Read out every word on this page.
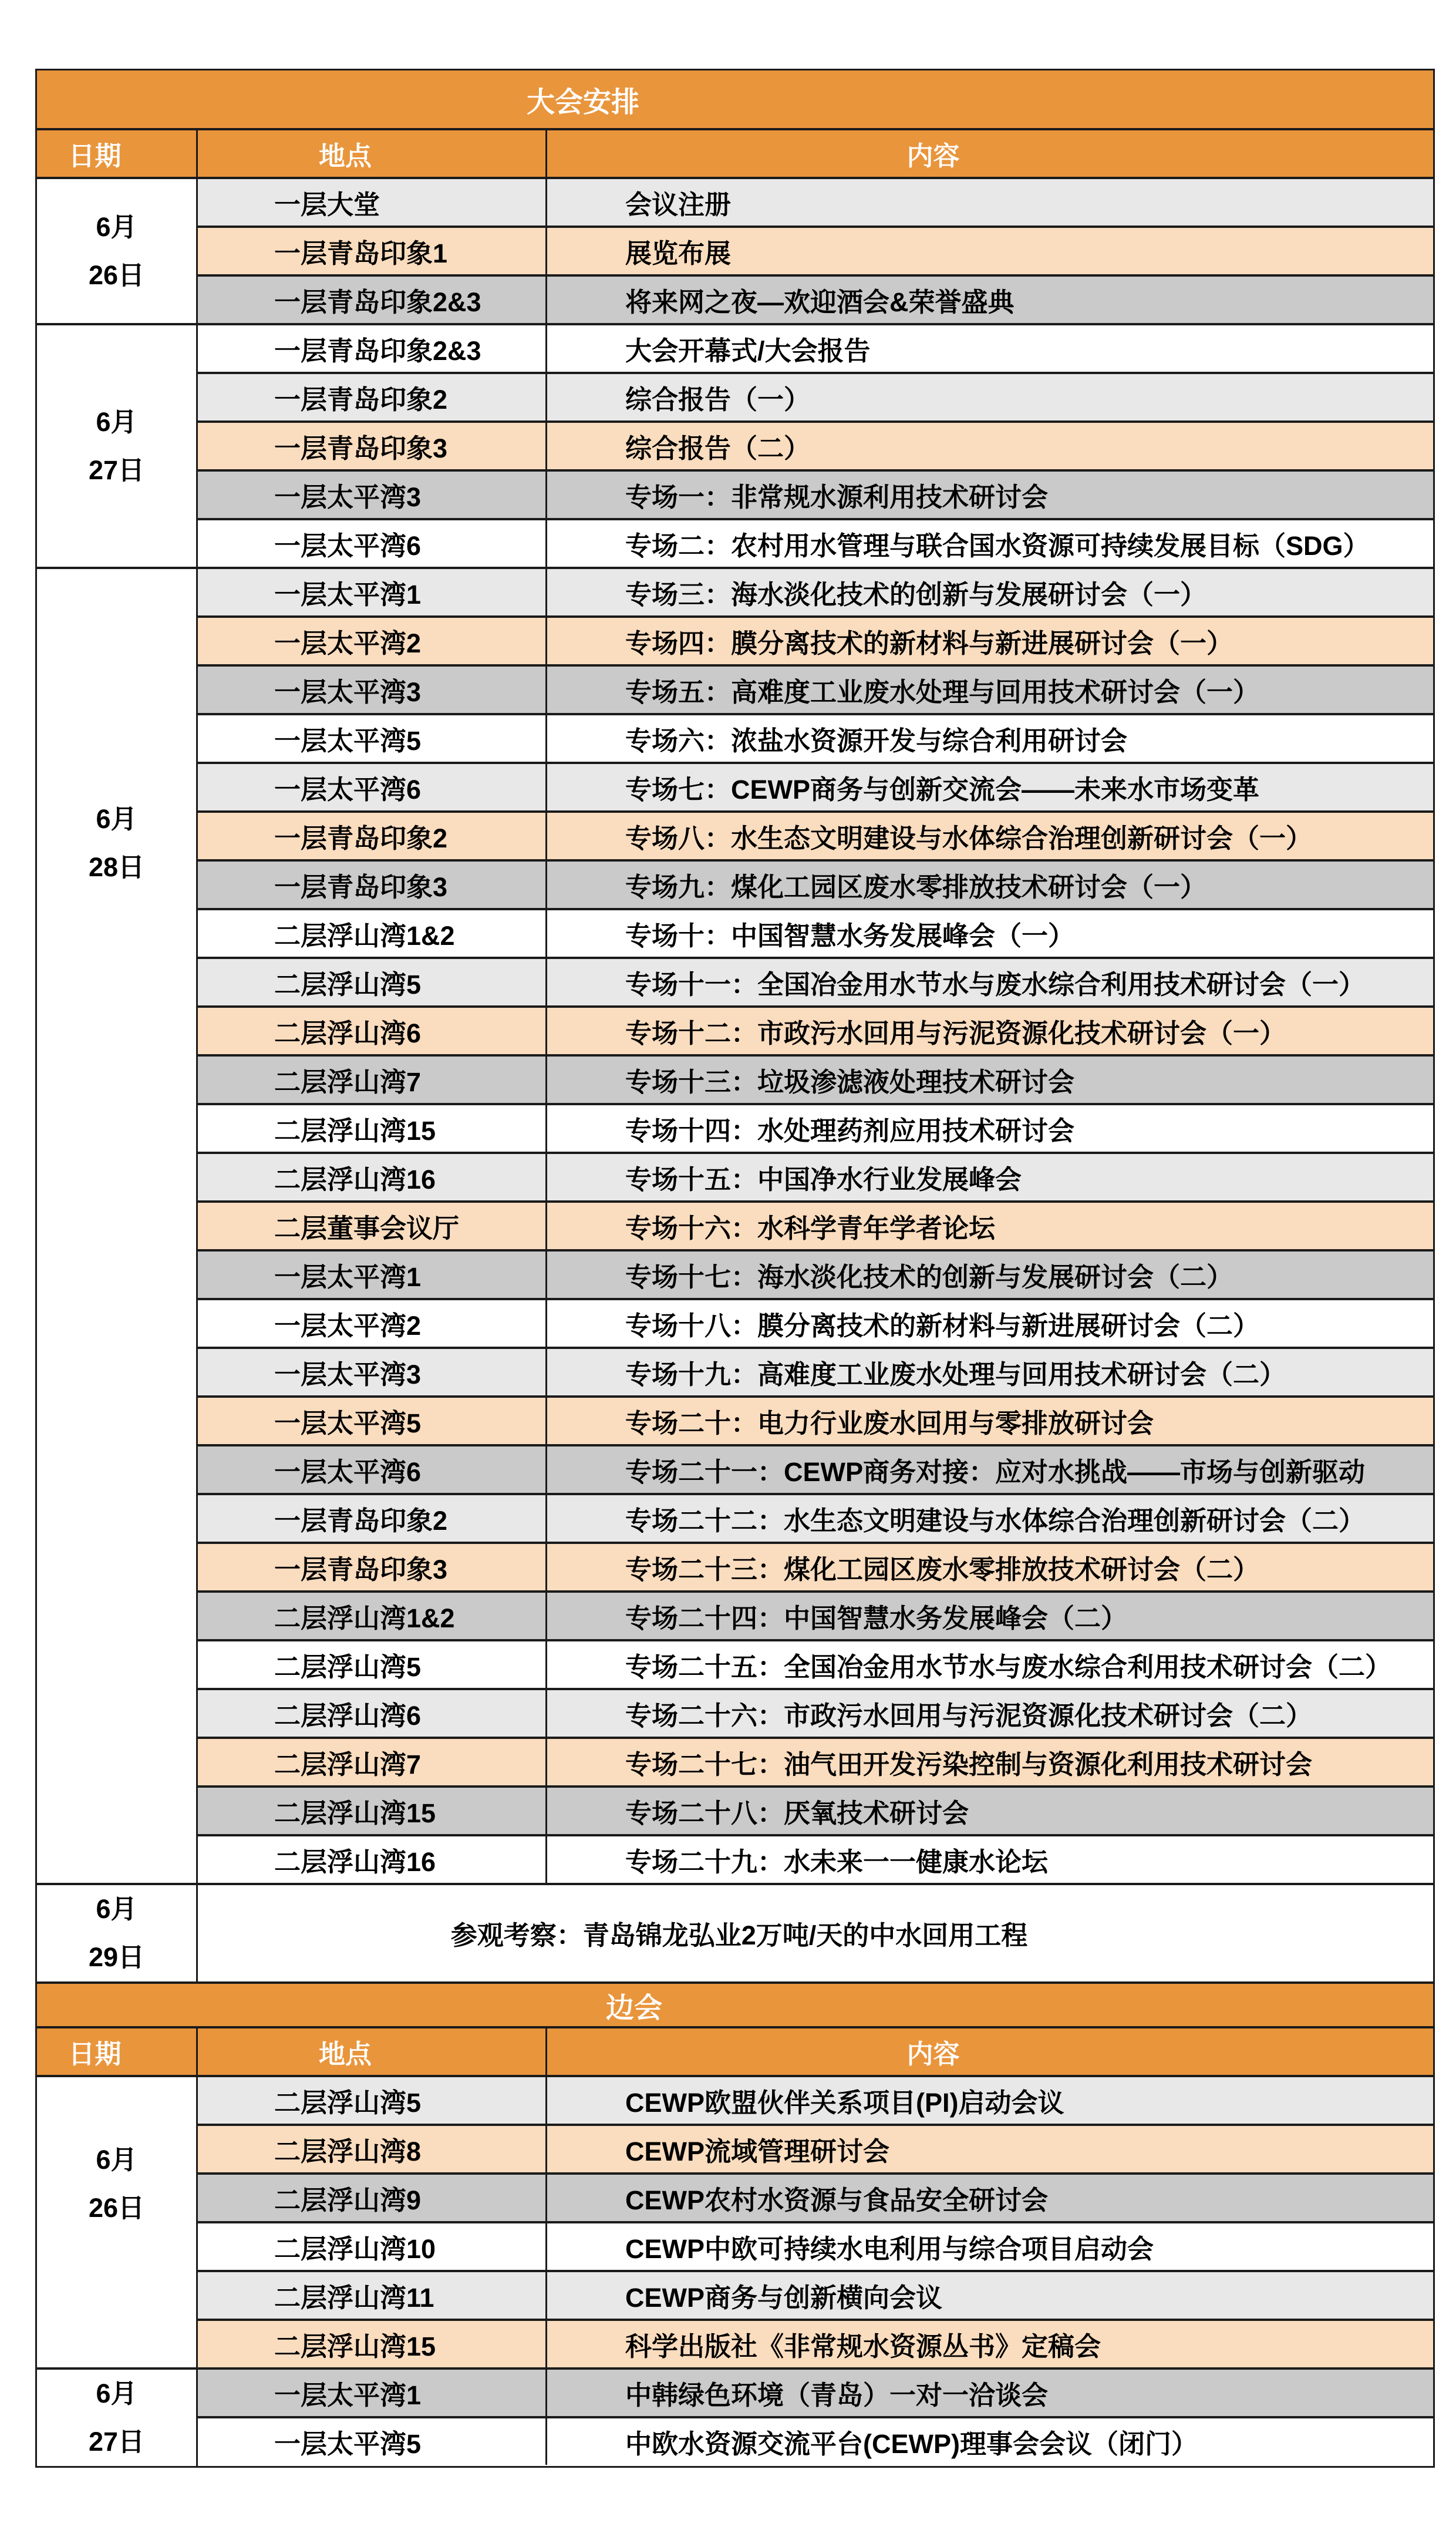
大会安排
日期	地点	内容
6月
26日
一层大堂	会议注册
一层青岛印象1	展览布展
一层青岛印象2&3	将来网之夜—欢迎酒会&荣誉盛典
6月
27日
一层青岛印象2&3	大会开幕式/大会报告
一层青岛印象2	综合报告（一）
一层青岛印象3	综合报告（二）
一层太平湾3	专场一：非常规水源利用技术研讨会
一层太平湾6	专场二：农村用水管理与联合国水资源可持续发展目标（SDG）
6月
28日
一层太平湾1	专场三：海水淡化技术的创新与发展研讨会（一）
一层太平湾2	专场四：膜分离技术的新材料与新进展研讨会（一）
一层太平湾3	专场五：高难度工业废水处理与回用技术研讨会（一）
一层太平湾5	专场六：浓盐水资源开发与综合利用研讨会
一层太平湾6	专场七：CEWP商务与创新交流会——未来水市场变革
一层青岛印象2	专场八：水生态文明建设与水体综合治理创新研讨会（一）
一层青岛印象3	专场九：煤化工园区废水零排放技术研讨会（一）
二层浮山湾1&2	专场十：中国智慧水务发展峰会（一）
二层浮山湾5	专场十一：全国冶金用水节水与废水综合利用技术研讨会（一）
二层浮山湾6	专场十二：市政污水回用与污泥资源化技术研讨会（一）
二层浮山湾7	专场十三：垃圾渗滤液处理技术研讨会
二层浮山湾15	专场十四：水处理药剂应用技术研讨会
二层浮山湾16	专场十五：中国净水行业发展峰会
二层董事会议厅	专场十六：水科学青年学者论坛
一层太平湾1	专场十七：海水淡化技术的创新与发展研讨会（二）
一层太平湾2	专场十八：膜分离技术的新材料与新进展研讨会（二）
一层太平湾3	专场十九：高难度工业废水处理与回用技术研讨会（二）
一层太平湾5	专场二十：电力行业废水回用与零排放研讨会
一层太平湾6	专场二十一：CEWP商务对接：应对水挑战——市场与创新驱动
一层青岛印象2	专场二十二：水生态文明建设与水体综合治理创新研讨会（二）
一层青岛印象3	专场二十三：煤化工园区废水零排放技术研讨会（二）
二层浮山湾1&2	专场二十四：中国智慧水务发展峰会（二）
二层浮山湾5	专场二十五：全国冶金用水节水与废水综合利用技术研讨会（二）
二层浮山湾6	专场二十六：市政污水回用与污泥资源化技术研讨会（二）
二层浮山湾7	专场二十七：油气田开发污染控制与资源化利用技术研讨会
二层浮山湾15	专场二十八：厌氧技术研讨会
二层浮山湾16	专场二十九：水未来一一健康水论坛
6月
29日
参观考察：青岛锦龙弘业2万吨/天的中水回用工程
边会
日期	地点	内容
6月
26日
二层浮山湾5	CEWP欧盟伙伴关系项目(PI)启动会议
二层浮山湾8	CEWP流域管理研讨会
二层浮山湾9	CEWP农村水资源与食品安全研讨会
二层浮山湾10	CEWP中欧可持续水电利用与综合项目启动会
二层浮山湾11	CEWP商务与创新横向会议
二层浮山湾15	科学出版社《非常规水资源丛书》定稿会
6月
27日
一层太平湾1	中韩绿色环境（青岛）一对一洽谈会
一层太平湾5	中欧水资源交流平台(CEWP)理事会会议（闭门）
